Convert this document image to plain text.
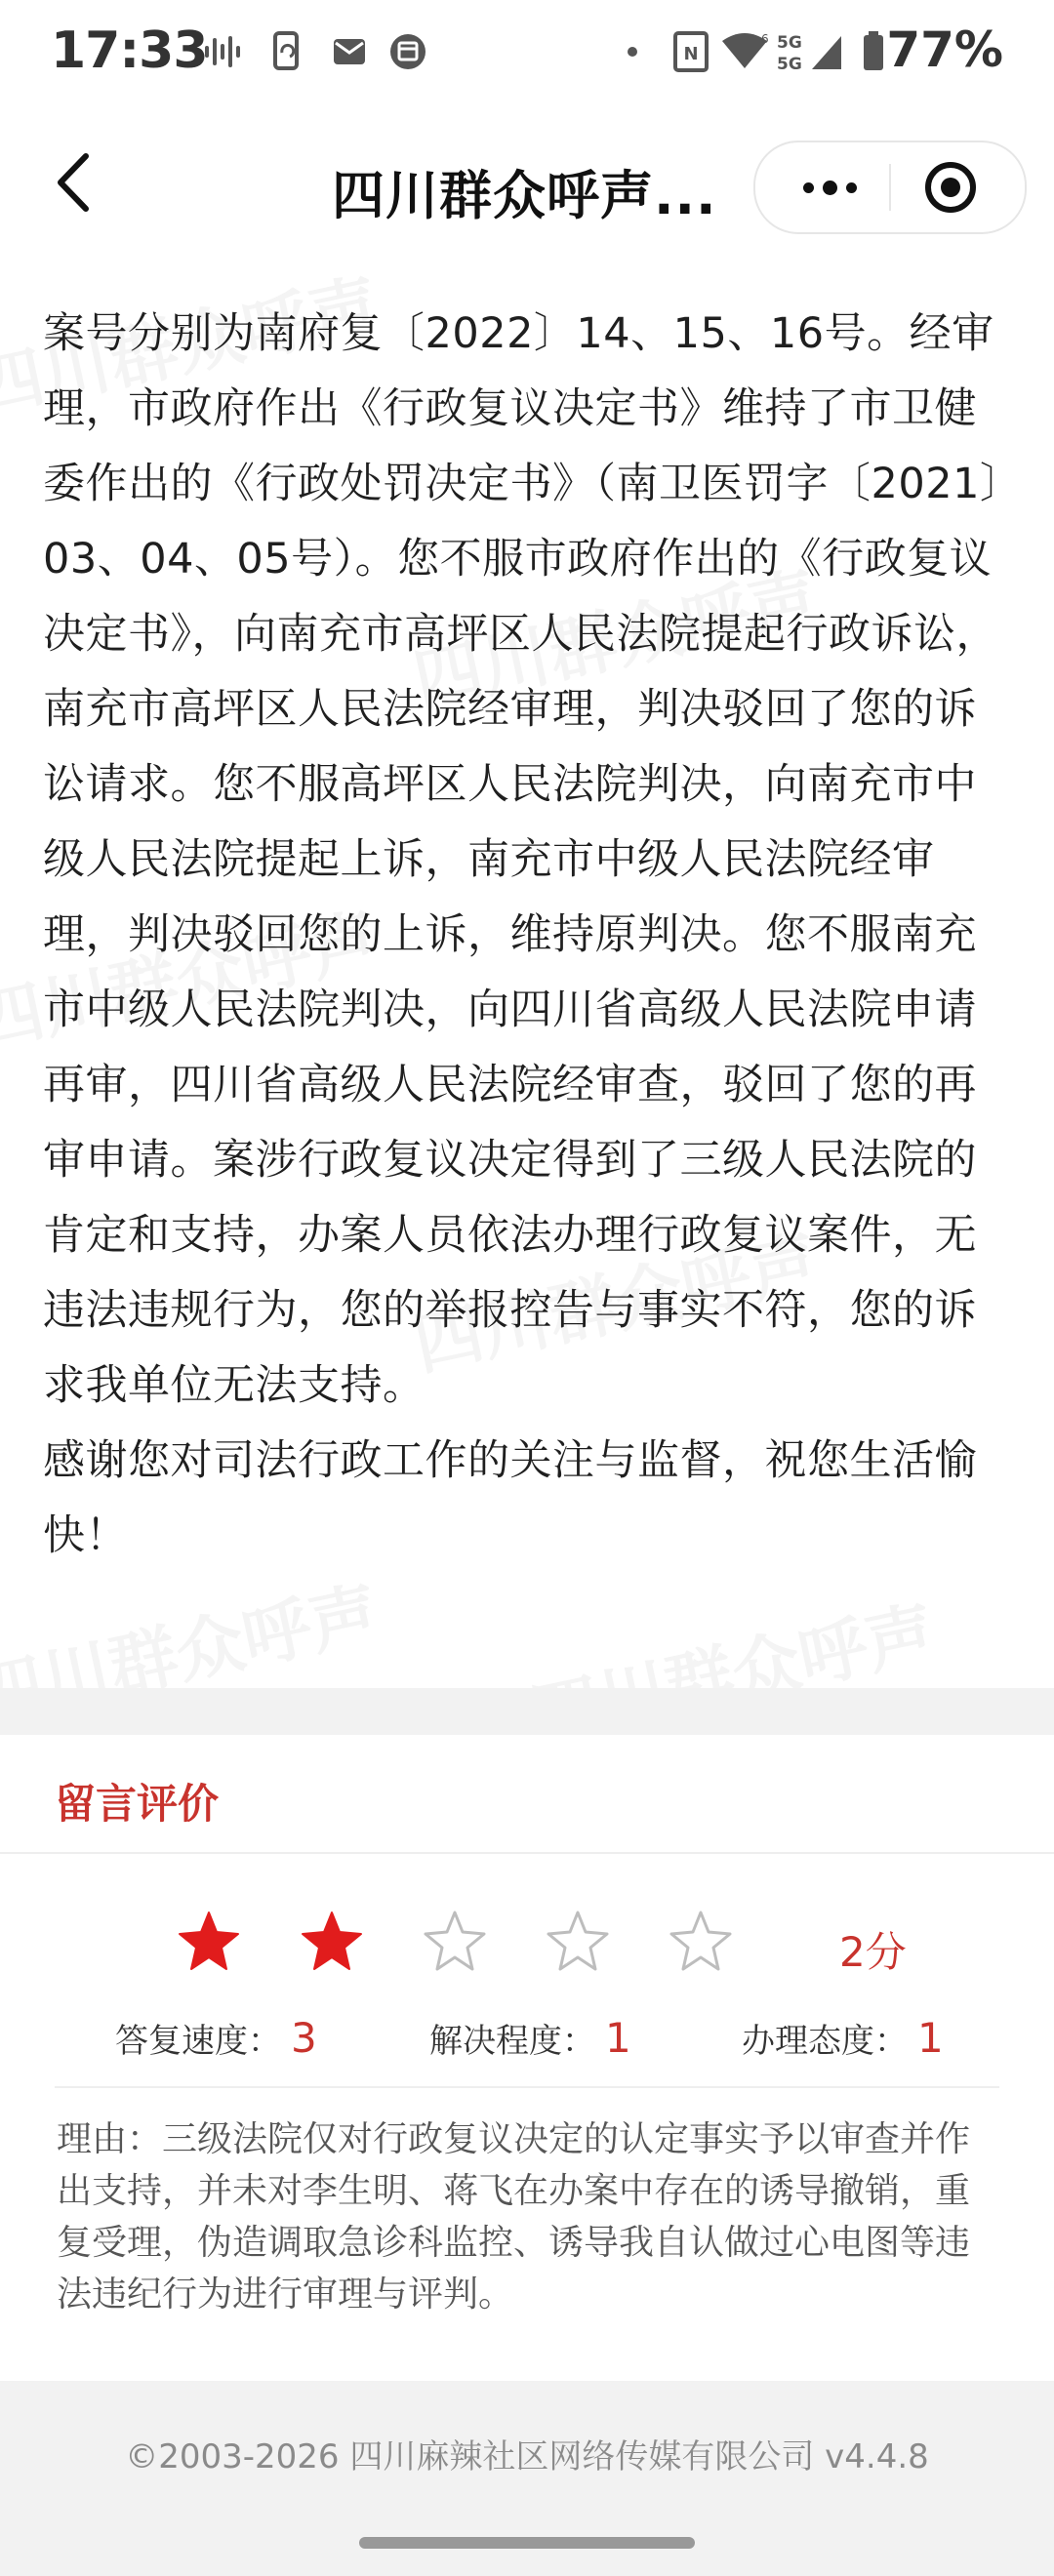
17:33	N
6 5G
5G 77%
四川群众呼声...

案号分别为南府复〔2022〕14、15、16号。经审理，市政府作出《行政复议决定书》维持了市卫健委作出的《行政处罚决定书》（南卫医罚字〔2021〕03、04、05号）。您不服市政府作出的《行政复议决定书》，向南充市高坪区人民法院提起行政诉讼，南充市高坪区人民法院经审理，判决驳回了您的诉讼请求。您不服高坪区人民法院判决，向南充市中级人民法院提起上诉，南充市中级人民法院经审理，判决驳回您的上诉，维持原判决。您不服南充市中级人民法院判决，向四川省高级人民法院申请再审，四川省高级人民法院经审查，驳回了您的再审申请。案涉行政复议决定得到了三级人民法院的肯定和支持，办案人员依法办理行政复议案件，无违法违规行为，您的举报控告与事实不符，您的诉求我单位无法支持。

感谢您对司法行政工作的关注与监督，祝您生活愉快！

留言评价
2分
答复速度： 3	解决程度： 1	办理态度： 1

理由：三级法院仅对行政复议决定的认定事实予以审查并作出支持，并未对李生明、蒋飞在办案中存在的诱导撤销，重复受理，伪造调取急诊科监控、诱导我自认做过心电图等违法违纪行为进行审理与评判。

©2003-2026 四川麻辣社区网络传媒有限公司 v4.4.8
